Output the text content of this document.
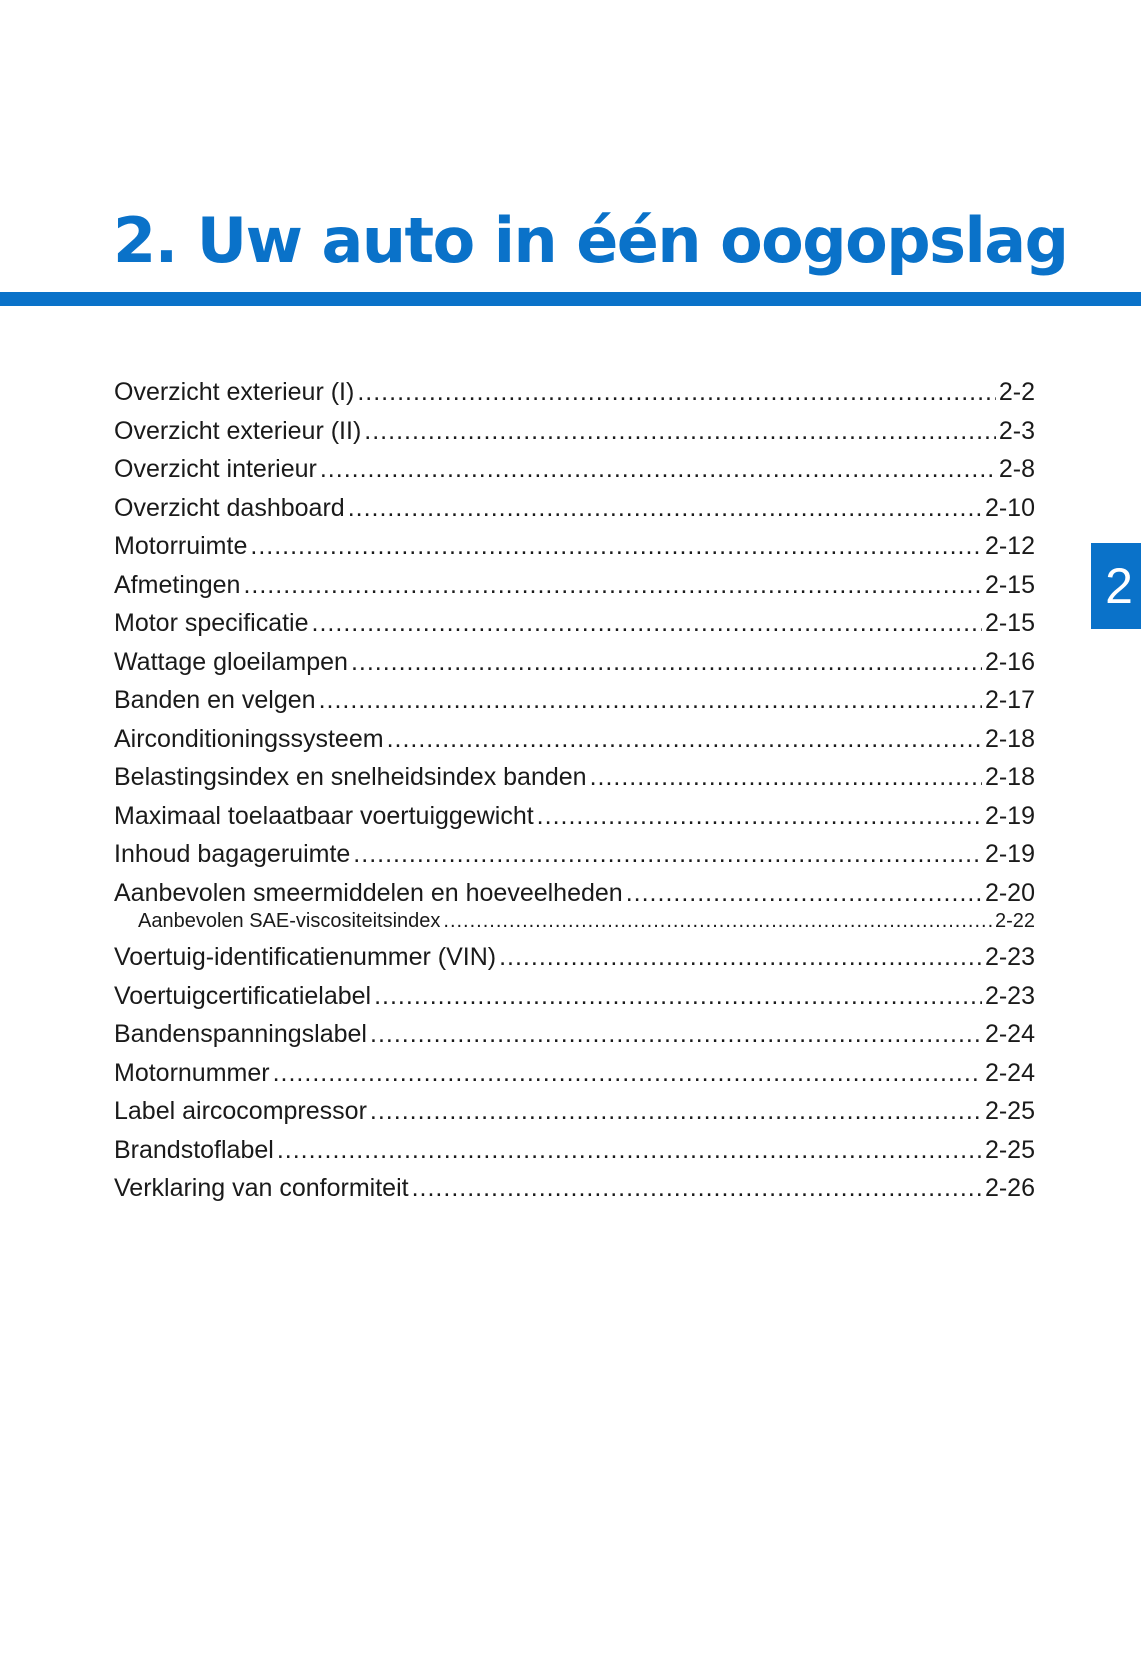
2. Uw auto in één oogopslag
2
Overzicht exterieur (I) .....	2-2
Overzicht exterieur (II) .....	2-3
Overzicht interieur .....	2-8
Overzicht dashboard .....	2-10
Motorruimte .....	2-12
Afmetingen .....	2-15
Motor specificatie .....	2-15
Wattage gloeilampen .....	2-16
Banden en velgen .....	2-17
Airconditioningssysteem .....	2-18
Belastingsindex en snelheidsindex banden .....	2-18
Maximaal toelaatbaar voertuiggewicht .....	2-19
Inhoud bagageruimte .....	2-19
Aanbevolen smeermiddelen en hoeveelheden .....	2-20
Aanbevolen SAE-viscositeitsindex .....	2-22
Voertuig-identificatienummer (VIN) .....	2-23
Voertuigcertificatielabel .....	2-23
Bandenspanningslabel .....	2-24
Motornummer .....	2-24
Label aircocompressor .....	2-25
Brandstoflabel .....	2-25
Verklaring van conformiteit .....	2-26
